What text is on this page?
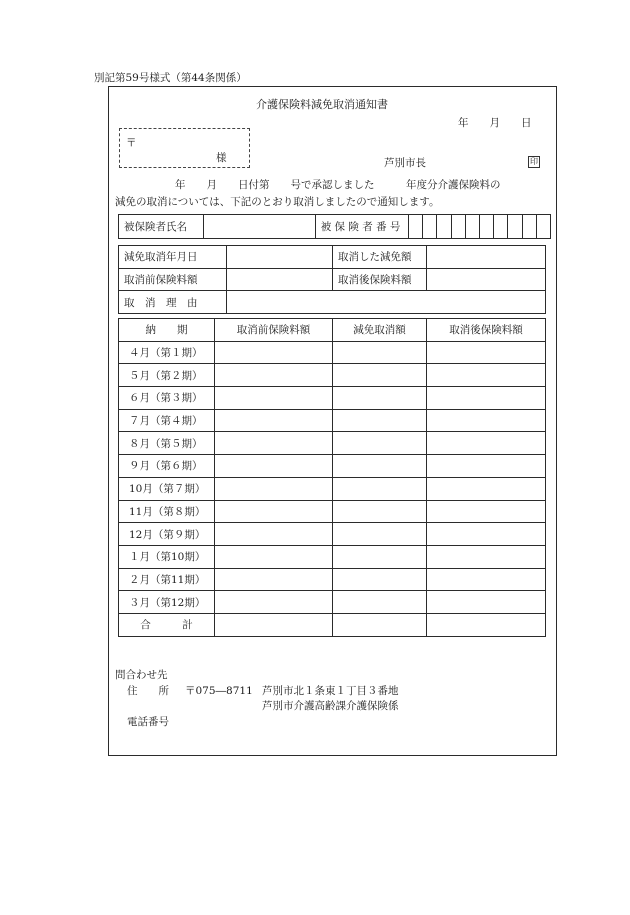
別記第59号様式（第44条関係）
介護保険料減免取消通知書
年　　月　　日
〒
様	芦別市長	印
年　　月　　日付第　　号で承認しました　　　年度分介護保険料の
減免の取消については、下記のとおり取消しましたので通知します。
被保険者氏名		被 保 険 者 番 号										
減免取消年月日		取消した減免額	
取消前保険料額		取消後保険料額	
取　消　理　由			
納　　期	取消前保険料額	減免取消額	取消後保険料額
４月（第１期）			
５月（第２期）			
６月（第３期）			
７月（第４期）			
８月（第５期）			
９月（第６期）			
10月（第７期）			
11月（第８期）			
12月（第９期）			
１月（第10期）			
２月（第11期）			
３月（第12期）			
合　　　計			
問合わせ先
住　　所 〒075―8711 芦別市北１条東１丁目３番地
芦別市介護高齢課介護保険係
電話番号
